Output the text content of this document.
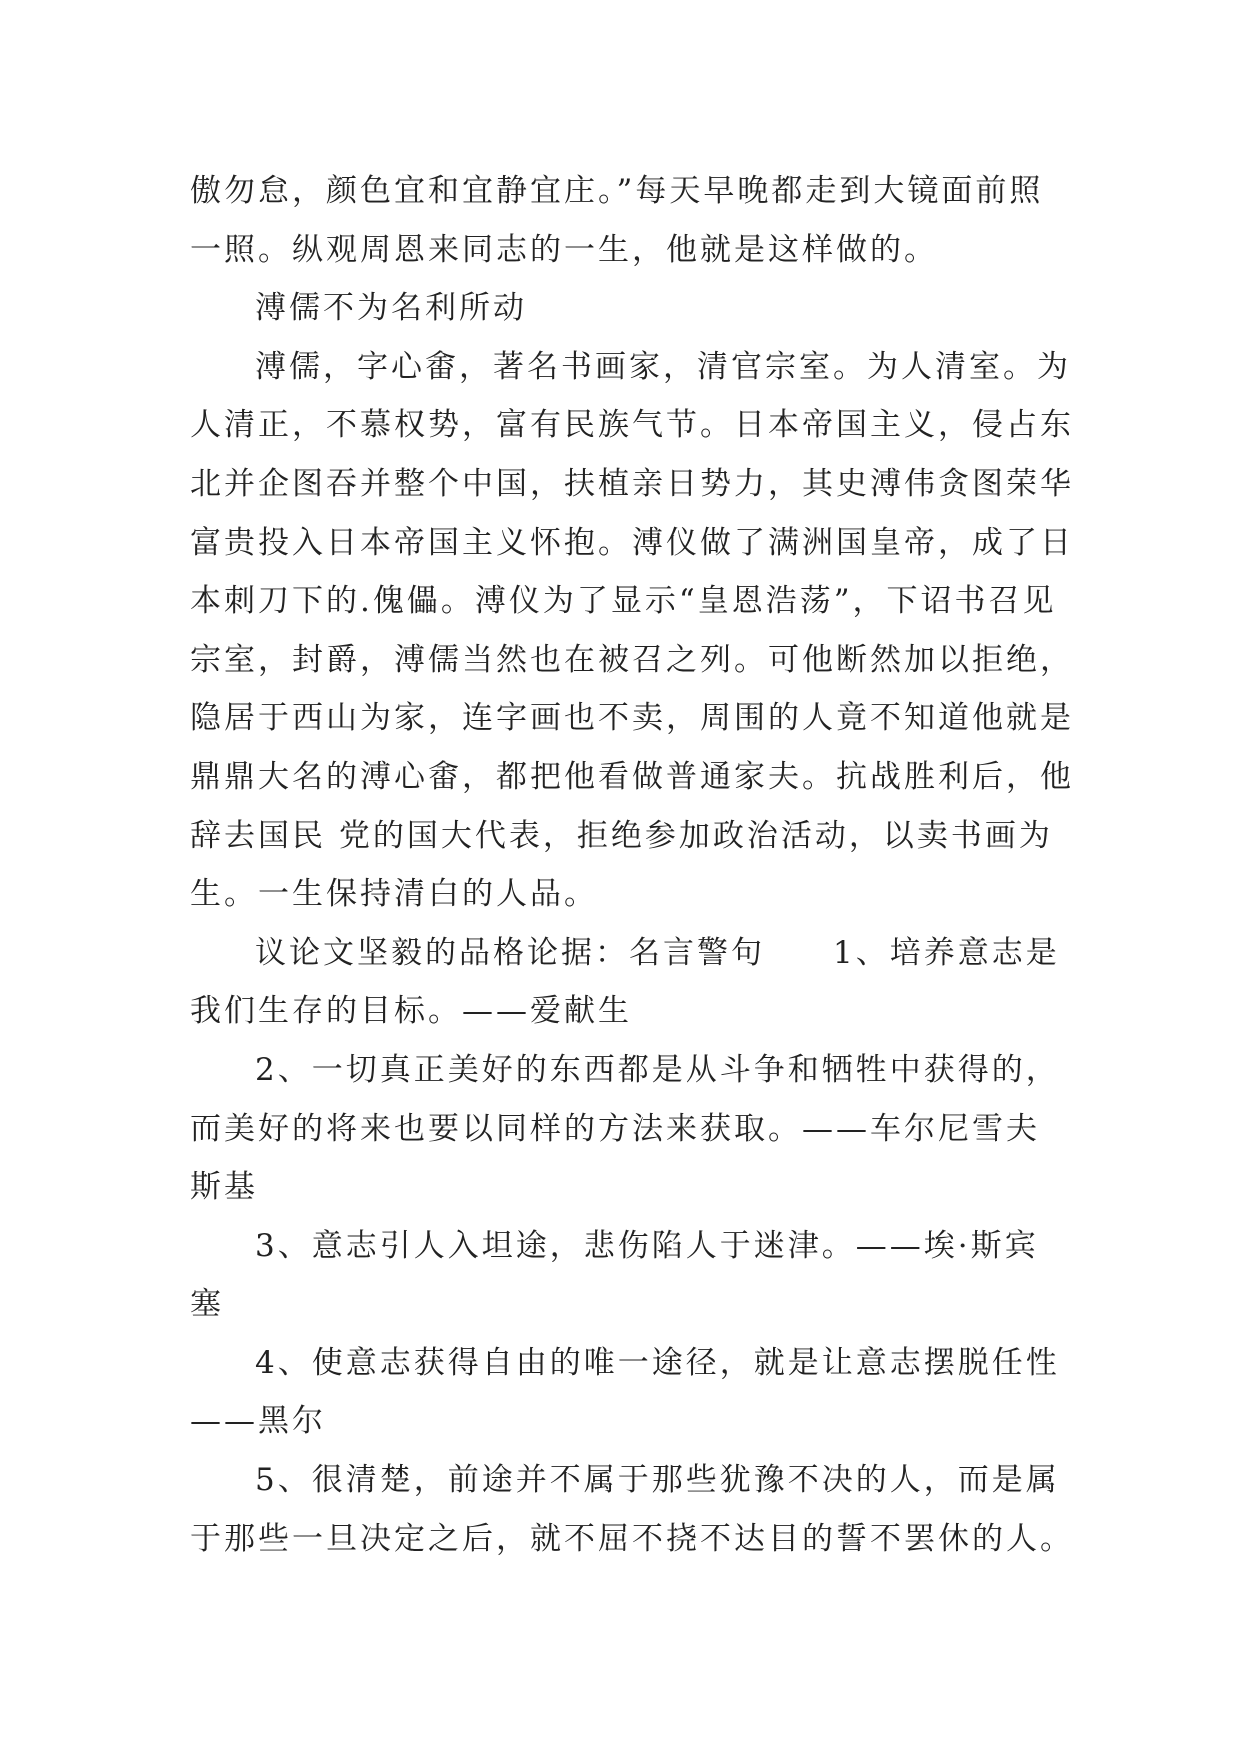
傲勿怠，颜色宜和宜静宜庄。”每天早晚都走到大镜面前照
一照。纵观周恩来同志的一生，他就是这样做的。
溥儒不为名利所动
溥儒，字心畬，著名书画家，清官宗室。为人清室。为
人清正，不慕权势，富有民族气节。日本帝国主义，侵占东
北并企图吞并整个中国，扶植亲日势力，其史溥伟贪图荣华
富贵投入日本帝国主义怀抱。溥仪做了满洲国皇帝，成了日
本刺刀下的.傀儡。溥仪为了显示“皇恩浩荡”，下诏书召见
宗室，封爵，溥儒当然也在被召之列。可他断然加以拒绝，
隐居于西山为家，连字画也不卖，周围的人竟不知道他就是
鼎鼎大名的溥心畬，都把他看做普通家夫。抗战胜利后，他
辞去国民 党的国大代表，拒绝参加政治活动，以卖书画为
生。一生保持清白的人品。
议论文坚毅的品格论据：名言警句　　1、培养意志是
我们生存的目标。——爱献生
2、一切真正美好的东西都是从斗争和牺牲中获得的，
而美好的将来也要以同样的方法来获取。——车尔尼雪夫
斯基
3、意志引人入坦途，悲伤陷人于迷津。——埃·斯宾
塞
4、使意志获得自由的唯一途径，就是让意志摆脱任性
——黑尔
5、很清楚，前途并不属于那些犹豫不决的人，而是属
于那些一旦决定之后，就不屈不挠不达目的誓不罢休的人。
